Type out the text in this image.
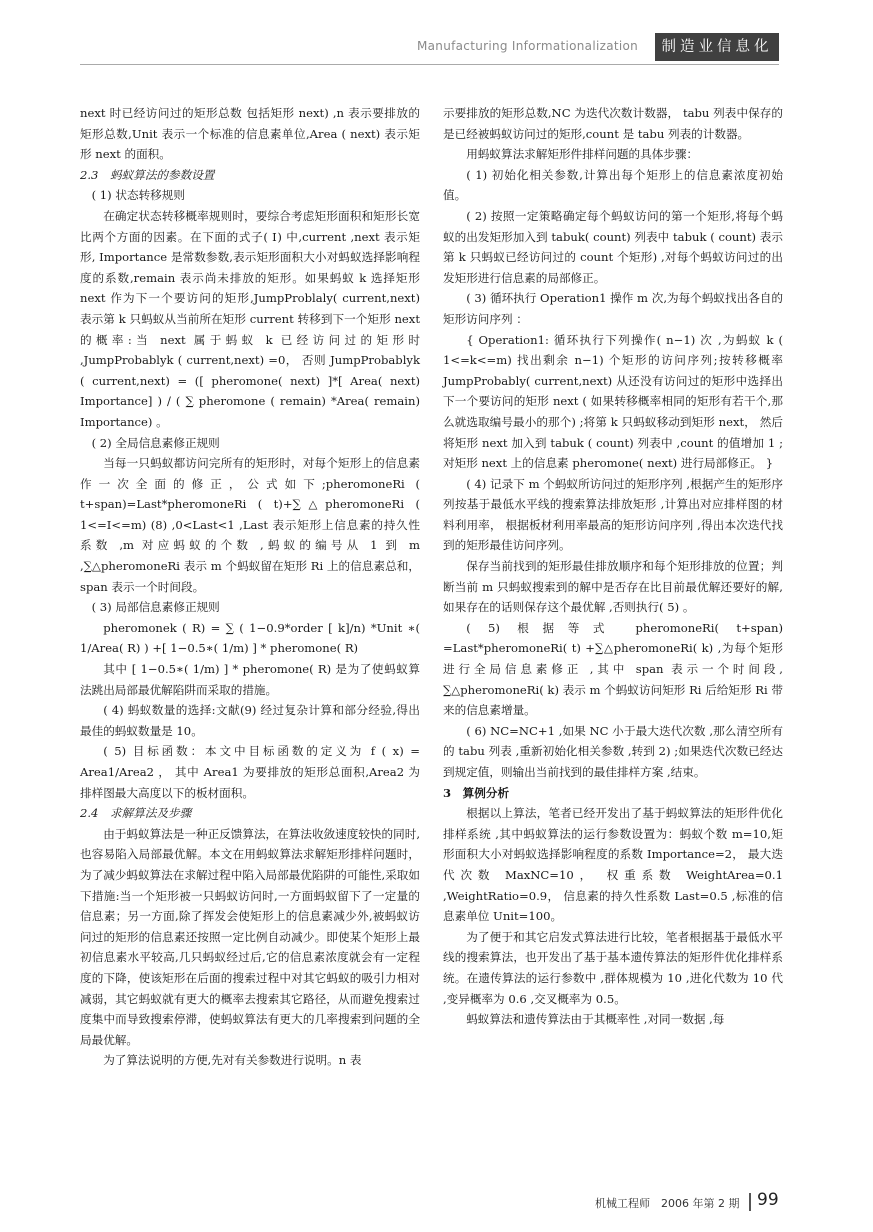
Manufacturing Informationalization	制造业信息化

next 时已经访问过的矩形总数 包括矩形 next) ,n 表示要排放的矩形总数,Unit 表示一个标准的信息素单位,Area ( next) 表示矩形 next 的面积。

2.3　蚂蚁算法的参数设置

( 1) 状态转移规则

在确定状态转移概率规则时，要综合考虑矩形面积和矩形长宽比两个方面的因素。在下面的式子( Ⅰ) 中,current ,next 表示矩形, Importance 是常数参数,表示矩形面积大小对蚂蚁选择影响程度的系数,remain 表示尚未排放的矩形。如果蚂蚁 k 选择矩形 next 作为下一个要访问的矩形,JumpProblaly( current,next) 表示第 k 只蚂蚁从当前所在矩形 current 转移到下一个矩形 next 的概率:当 next 属于蚂蚁 k 已经访问过的矩形时 ,JumpProbablyk ( current,next) =0， 否则 JumpProbablyk ( current,next) = ([ pheromone( next) ]*[ Area( next) Importance] ) ∕ ( ∑ pheromone ( remain) *Area( remain) Importance) 。

( 2) 全局信息素修正规则

当每一只蚂蚁都访问完所有的矩形时，对每个矩形上的信息素作一次全面的修正，公式如下;pheromoneRi ( t+span)=Last*pheromoneRi ( t)+∑△pheromoneRi ( 1<=I<=m) (8) ,0<Last<1 ,Last 表示矩形上信息素的持久性系数 ,m 对应蚂蚁的个数 ,蚂蚁的编号从 1 到 m ,∑△pheromoneRi 表示 m 个蚂蚁留在矩形 Ri 上的信息素总和， span 表示一个时间段。

( 3) 局部信息素修正规则

pheromonek ( R) = ∑ ( 1−0.9*order [ k]/n) *Unit ∗( 1/Area( R) ) +[ 1−0.5∗( 1/m) ] * pheromone( R)

其中 [ 1−0.5∗( 1/m) ] * pheromone( R) 是为了使蚂蚁算法跳出局部最优解陷阱而采取的措施。

( 4) 蚂蚁数量的选择:文献(9) 经过复杂计算和部分经验,得出最佳的蚂蚁数量是 10。

( 5) 目标函数：本文中目标函数的定义为 f ( x) = Area1/Area2 ， 其中 Area1 为要排放的矩形总面积,Area2 为排样图最大高度以下的板材面积。

2.4　求解算法及步骤

由于蚂蚁算法是一种正反馈算法，在算法收敛速度较快的同时,也容易陷入局部最优解。本文在用蚂蚁算法求解矩形排样问题时，为了减少蚂蚁算法在求解过程中陷入局部最优陷阱的可能性,采取如下措施:当一个矩形被一只蚂蚁访问时,一方面蚂蚁留下了一定量的信息素；另一方面,除了挥发会使矩形上的信息素减少外,被蚂蚁访问过的矩形的信息素还按照一定比例自动减少。即使某个矩形上最初信息素水平较高,几只蚂蚁经过后,它的信息素浓度就会有一定程度的下降，使该矩形在后面的搜索过程中对其它蚂蚁的吸引力相对减弱，其它蚂蚁就有更大的概率去搜索其它路径，从而避免搜索过度集中而导致搜索停滞，使蚂蚁算法有更大的几率搜索到问题的全局最优解。

为了算法说明的方便,先对有关参数进行说明。n 表

示要排放的矩形总数,NC 为迭代次数计数器， tabu 列表中保存的是已经被蚂蚁访问过的矩形,count 是 tabu 列表的计数器。

用蚂蚁算法求解矩形件排样问题的具体步骤：

( 1) 初始化相关参数,计算出每个矩形上的信息素浓度初始值。

( 2) 按照一定策略确定每个蚂蚁访问的第一个矩形,将每个蚂蚁的出发矩形加入到 tabuk( count) 列表中 tabuk ( count) 表示第 k 只蚂蚁已经访问过的 count 个矩形) ,对每个蚂蚁访问过的出发矩形进行信息素的局部修正。

( 3) 循环执行 Operation1 操作 m 次,为每个蚂蚁找出各自的矩形访问序列 ：

{ Operation1: 循环执行下列操作( n−1) 次 ,为蚂蚁 k ( 1<=k<=m) 找出剩余 n−1) 个矩形的访问序列;按转移概率 JumpProbably( current,next) 从还没有访问过的矩形中选择出下一个要访问的矩形 next ( 如果转移概率相同的矩形有若干个,那么就选取编号最小的那个) ;将第 k 只蚂蚁移动到矩形 next， 然后将矩形 next 加入到 tabuk ( count) 列表中 ,count 的值增加 1 ;对矩形 next 上的信息素 pheromone( next) 进行局部修正。 }

( 4) 记录下 m 个蚂蚁所访问过的矩形序列 ,根据产生的矩形序列按基于最低水平线的搜索算法排放矩形 ,计算出对应排样图的材料利用率， 根据板材利用率最高的矩形访问序列 ,得出本次迭代找到的矩形最佳访问序列。

保存当前找到的矩形最佳排放顺序和每个矩形排放的位置；判断当前 m 只蚂蚁搜索到的解中是否存在比目前最优解还要好的解,如果存在的话则保存这个最优解 ,否则执行( 5) 。

( 5) 根据等式 pheromoneRi( t+span) =Last*pheromoneRi( t) +∑△pheromoneRi( k) ,为每个矩形进行全局信息素修正 ,其中 span 表示一个时间段, ∑△pheromoneRi( k) 表示 m 个蚂蚁访问矩形 Ri 后给矩形 Ri 带来的信息素增量。

( 6) NC=NC+1 ,如果 NC 小于最大迭代次数 ,那么清空所有的 tabu 列表 ,重新初始化相关参数 ,转到 2) ;如果迭代次数已经达到规定值，则输出当前找到的最佳排样方案 ,结束。

3　算例分析

根据以上算法，笔者已经开发出了基于蚂蚁算法的矩形件优化排样系统 ,其中蚂蚁算法的运行参数设置为：蚂蚁个数 m=10,矩形面积大小对蚂蚁选择影响程度的系数 Importance=2， 最大迭代次数 MaxNC=10， 权重系数 WeightArea=0.1 ,WeightRatio=0.9， 信息素的持久性系数 Last=0.5 ,标准的信息素单位 Unit=100。

为了便于和其它启发式算法进行比较，笔者根据基于最低水平线的搜索算法，也开发出了基于基本遗传算法的矩形件优化排样系统。在遗传算法的运行参数中 ,群体规模为 10 ,进化代数为 10 代 ,变异概率为 0.6 ,交叉概率为 0.5。

蚂蚁算法和遗传算法由于其概率性 ,对同一数据 ,每

机械工程师　2006 年第 2 期 99
